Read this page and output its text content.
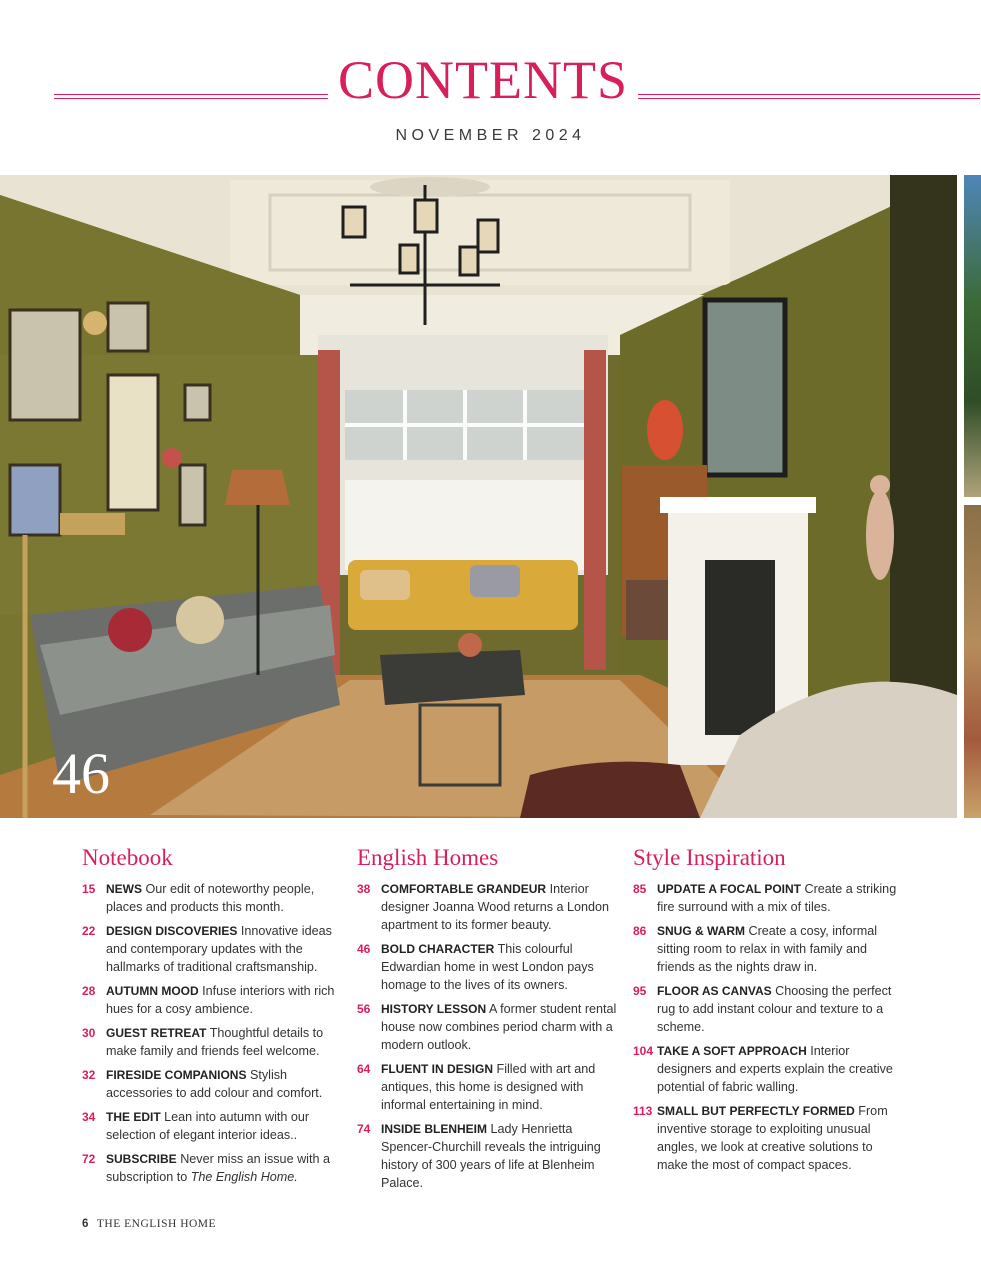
CONTENTS
NOVEMBER 2024
46
Notebook
15 NEWS Our edit of noteworthy people, places and products this month.
22 DESIGN DISCOVERIES Innovative ideas and contemporary updates with the hallmarks of traditional craftsmanship.
28 AUTUMN MOOD Infuse interiors with rich hues for a cosy ambience.
30 GUEST RETREAT Thoughtful details to make family and friends feel welcome.
32 FIRESIDE COMPANIONS Stylish accessories to add colour and comfort.
34 THE EDIT Lean into autumn with our selection of elegant interior ideas..
72 SUBSCRIBE Never miss an issue with a subscription to The English Home.
English Homes
38 COMFORTABLE GRANDEUR Interior designer Joanna Wood returns a London apartment to its former beauty.
46 BOLD CHARACTER This colourful Edwardian home in west London pays homage to the lives of its owners.
56 HISTORY LESSON A former student rental house now combines period charm with a modern outlook.
64 FLUENT IN DESIGN Filled with art and antiques, this home is designed with informal entertaining in mind.
74 INSIDE BLENHEIM Lady Henrietta Spencer-Churchill reveals the intriguing history of 300 years of life at Blenheim Palace.
Style Inspiration
85 UPDATE A FOCAL POINT Create a striking fire surround with a mix of tiles.
86 SNUG & WARM Create a cosy, informal sitting room to relax in with family and friends as the nights draw in.
95 FLOOR AS CANVAS Choosing the perfect rug to add instant colour and texture to a scheme.
104 TAKE A SOFT APPROACH Interior designers and experts explain the creative potential of fabric walling.
113 SMALL BUT PERFECTLY FORMED From inventive storage to exploiting unusual angles, we look at creative solutions to make the most of compact spaces.
6 THE ENGLISH HOME
